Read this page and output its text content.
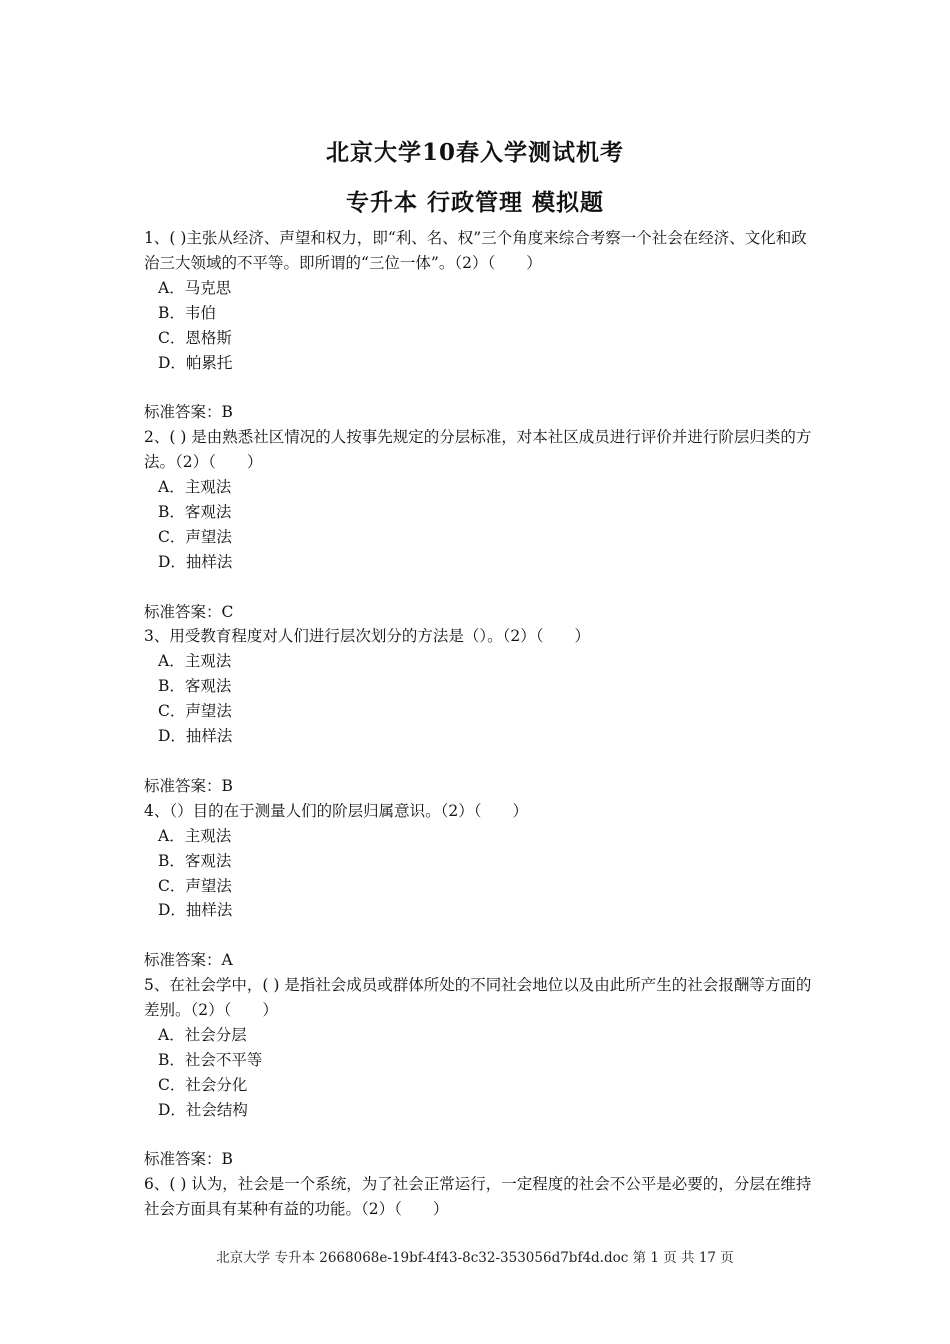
北京大学10春入学测试机考
专升本 行政管理 模拟题

1、( )主张从经济、声望和权力，即“利、名、权”三个角度来综合考察一个社会在经济、文化和政治三大领域的不平等。即所谓的“三位一体”。（2）（　　）

A．马克思

B．韦伯

C．恩格斯

D．帕累托

标准答案：B

2、( ) 是由熟悉社区情况的人按事先规定的分层标准，对本社区成员进行评价并进行阶层归类的方法。（2）（　　）

A．主观法

B．客观法

C．声望法

D．抽样法

标准答案：C

3、用受教育程度对人们进行层次划分的方法是（）。（2）（　　）

A．主观法

B．客观法

C．声望法

D．抽样法

标准答案：B

4、（）目的在于测量人们的阶层归属意识。（2）（　　）

A．主观法

B．客观法

C．声望法

D．抽样法

标准答案：A

5、在社会学中，( ) 是指社会成员或群体所处的不同社会地位以及由此所产生的社会报酬等方面的差别。（2）（　　）

A．社会分层

B．社会不平等

C．社会分化

D．社会结构

标准答案：B

6、( ) 认为，社会是一个系统，为了社会正常运行，一定程度的社会不公平是必要的，分层在维持社会方面具有某种有益的功能。（2）（　　）

北京大学 专升本 2668068e-19bf-4f43-8c32-353056d7bf4d.doc 第 1 页 共 17 页
